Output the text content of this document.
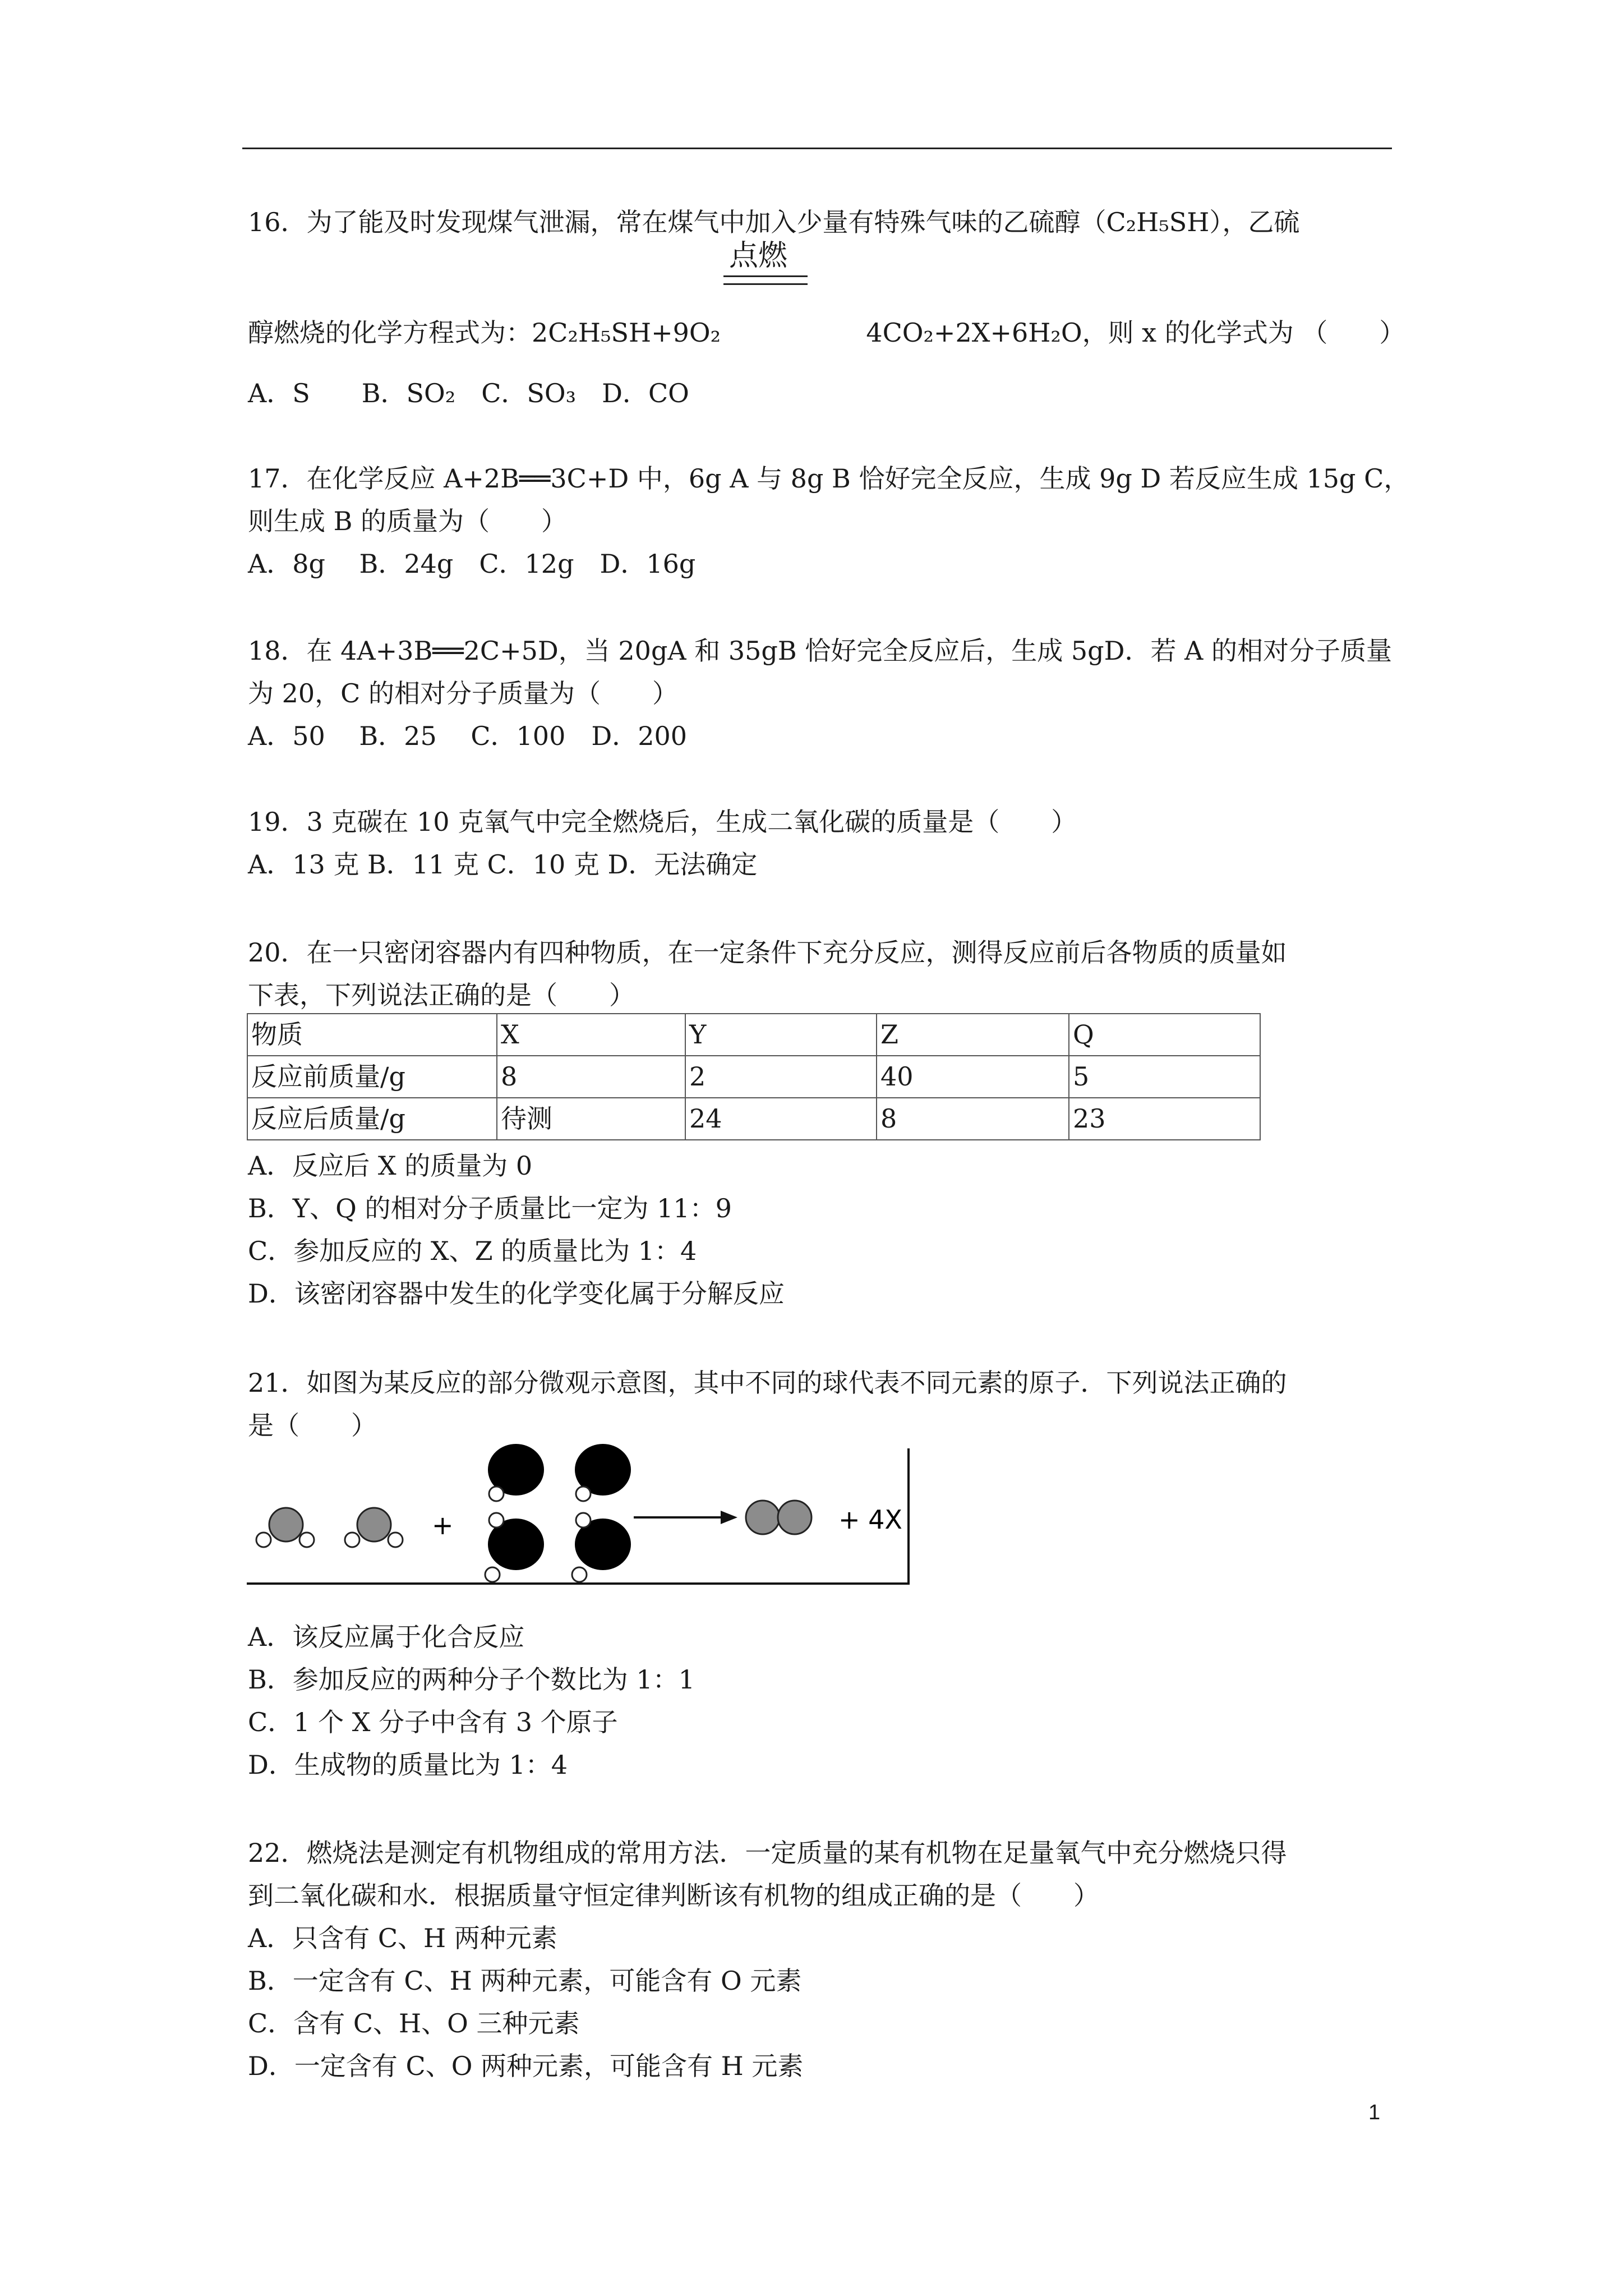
16．为了能及时发现煤气泄漏，常在煤气中加入少量有特殊气味的乙硫醇（C₂H₅SH），乙硫
点燃
醇燃烧的化学方程式为：2C₂H₅SH+9O₂	4CO₂+2X+6H₂O，则 x 的化学式为 （　　）
A．S　　B．SO₂　C．SO₃　D．CO
17．在化学反应 A+2B══3C+D 中，6g A 与 8g B 恰好完全反应，生成 9g D 若反应生成 15g C，
则生成 B 的质量为（　　）
A．8g　 B．24g　C．12g　D．16g
18．在 4A+3B══2C+5D，当 20gA 和 35gB 恰好完全反应后，生成 5gD．若 A 的相对分子质量
为 20，C 的相对分子质量为（　　）
A．50　 B．25　 C．100　D．200
19．3 克碳在 10 克氧气中完全燃烧后，生成二氧化碳的质量是（　　）
A．13 克 B．11 克 C．10 克 D．无法确定
20．在一只密闭容器内有四种物质，在一定条件下充分反应，测得反应前后各物质的质量如
下表，下列说法正确的是（　　）
物质	X	Y	Z	Q
反应前质量/g	8	2	40	5
反应后质量/g	待测	24	8	23
A．反应后 X 的质量为 0
B．Y、Q 的相对分子质量比一定为 11：9
C．参加反应的 X、Z 的质量比为 1：4
D．该密闭容器中发生的化学变化属于分解反应
21．如图为某反应的部分微观示意图，其中不同的球代表不同元素的原子．下列说法正确的
是（　　）
+	+ 4X
A．该反应属于化合反应
B．参加反应的两种分子个数比为 1：1
C．1 个 X 分子中含有 3 个原子
D．生成物的质量比为 1：4
22．燃烧法是测定有机物组成的常用方法．一定质量的某有机物在足量氧气中充分燃烧只得
到二氧化碳和水．根据质量守恒定律判断该有机物的组成正确的是（　　）
A．只含有 C、H 两种元素
B．一定含有 C、H 两种元素，可能含有 O 元素
C．含有 C、H、O 三种元素
D．一定含有 C、O 两种元素，可能含有 H 元素
1
